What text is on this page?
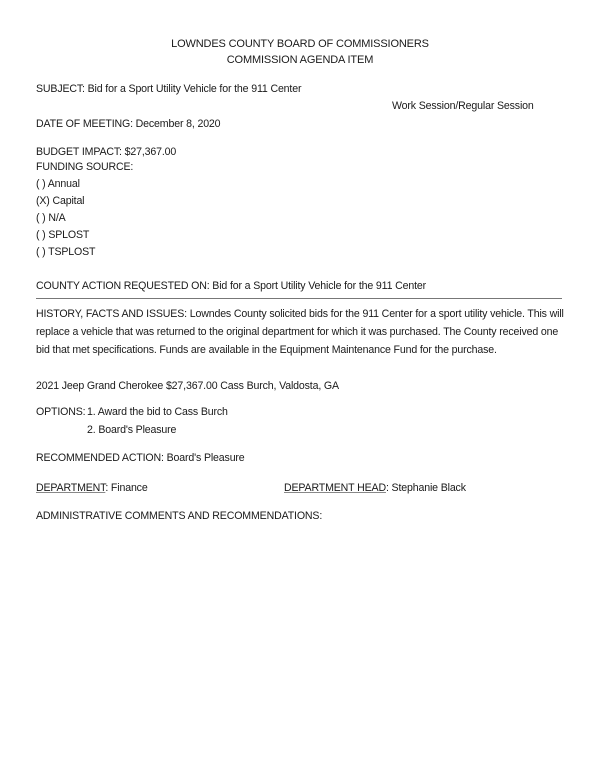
LOWNDES COUNTY BOARD OF COMMISSIONERS
COMMISSION AGENDA ITEM
SUBJECT: Bid for a Sport Utility Vehicle for the 911 Center
Work Session/Regular Session
DATE OF MEETING: December 8, 2020
BUDGET IMPACT: $27,367.00
FUNDING SOURCE:
( ) Annual
(X) Capital
( ) N/A
( ) SPLOST
( ) TSPLOST
COUNTY ACTION REQUESTED ON: Bid for a Sport Utility Vehicle for the 911 Center
HISTORY, FACTS AND ISSUES: Lowndes County solicited bids for the 911 Center for a sport utility vehicle. This will replace a vehicle that was returned to the original department for which it was purchased. The County received one bid that met specifications. Funds are available in the Equipment Maintenance Fund for the purchase.
2021 Jeep Grand Cherokee $27,367.00 Cass Burch, Valdosta, GA
OPTIONS: 1. Award the bid to Cass Burch
2. Board's Pleasure
RECOMMENDED ACTION: Board's Pleasure
DEPARTMENT: Finance	DEPARTMENT HEAD: Stephanie Black
ADMINISTRATIVE COMMENTS AND RECOMMENDATIONS:
